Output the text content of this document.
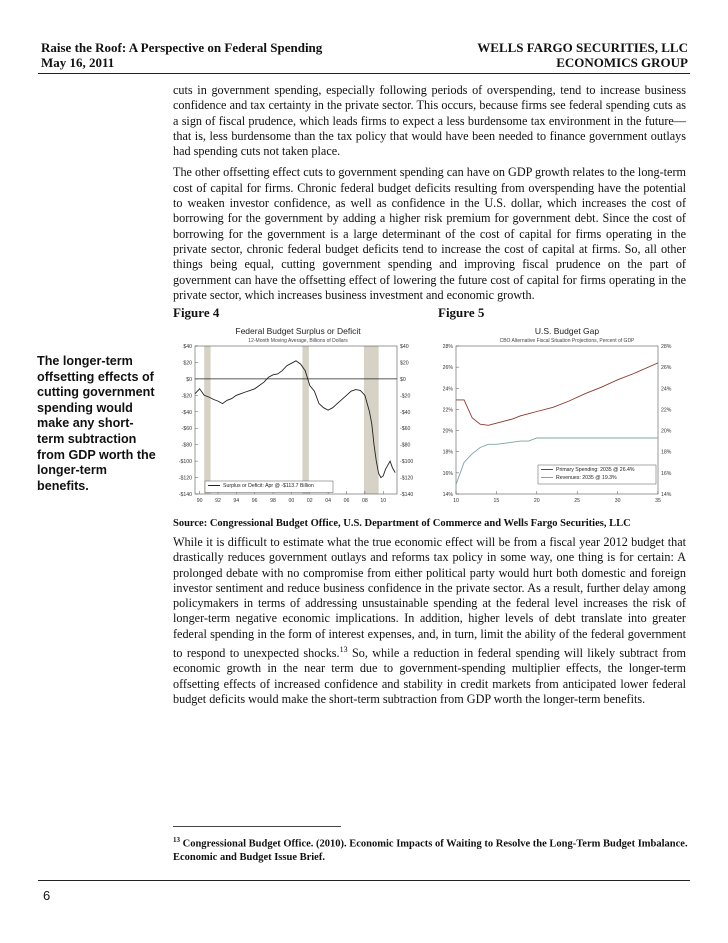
Raise the Roof: A Perspective on Federal Spending
May 16, 2011
WELLS FARGO SECURITIES, LLC
ECONOMICS GROUP

cuts in government spending, especially following periods of overspending, tend to increase business confidence and tax certainty in the private sector. This occurs, because firms see federal spending cuts as a sign of fiscal prudence, which leads firms to expect a less burdensome tax environment in the future—that is, less burdensome than the tax policy that would have been needed to finance government outlays had spending cuts not taken place.

The other offsetting effect cuts to government spending can have on GDP growth relates to the long-term cost of capital for firms. Chronic federal budget deficits resulting from overspending have the potential to weaken investor confidence, as well as confidence in the U.S. dollar, which increases the cost of borrowing for the government by adding a higher risk premium for government debt. Since the cost of borrowing for the government is a large determinant of the cost of capital for firms operating in the private sector, chronic federal budget deficits tend to increase the cost of capital at firms. So, all other things being equal, cutting government spending and improving fiscal prudence on the part of government can have the offsetting effect of lowering the future cost of capital for firms operating in the private sector, which increases business investment and economic growth.

The longer-term offsetting effects of cutting government spending would make any short-term subtraction from GDP worth the longer-term benefits.
Figure 4	Figure 5
Federal Budget Surplus or Deficit
12-Month Moving Average, Billions of Dollars
$40	$40
$20	$20
$0	$0
-$20	-$20
-$40	-$40
-$60	-$60
-$80	-$80
-$100	-$100
-$120	-$120
-$140	-$140
90 92 94 96 98 00 02 04 06 08 10
Surplus or Deficit: Apr @ -$113.7 Billion
U.S. Budget Gap
CBO Alternative Fiscal Situation Projections, Percent of GDP
28%	28%
26%	26%
24%	24%
22%	22%
20%	20%
18%	18%
16%	16%
14%	14%
10	15	20	25	30	35
Primary Spending: 2035 @ 26.4%
Revenues: 2035 @ 19.3%
Source: Congressional Budget Office, U.S. Department of Commerce and Wells Fargo Securities, LLC

While it is difficult to estimate what the true economic effect will be from a fiscal year 2012 budget that drastically reduces government outlays and reforms tax policy in some way, one thing is for certain: A prolonged debate with no compromise from either political party would hurt both domestic and foreign investor sentiment and reduce business confidence in the private sector. As a result, further delay among policymakers in terms of addressing unsustainable spending at the federal level increases the risk of longer-term negative economic implications. In addition, higher levels of debt translate into greater federal spending in the form of interest expenses, and, in turn, limit the ability of the federal government to respond to unexpected shocks.$^{13}$ So, while a reduction in federal spending will likely subtract from economic growth in the near term due to government-spending multiplier effects, the longer-term offsetting effects of increased confidence and stability in credit markets from anticipated lower federal budget deficits would make the short-term subtraction from GDP worth the longer-term benefits.

$^{13}$ Congressional Budget Office. (2010). Economic Impacts of Waiting to Resolve the Long-Term Budget Imbalance. Economic and Budget Issue Brief.
6
